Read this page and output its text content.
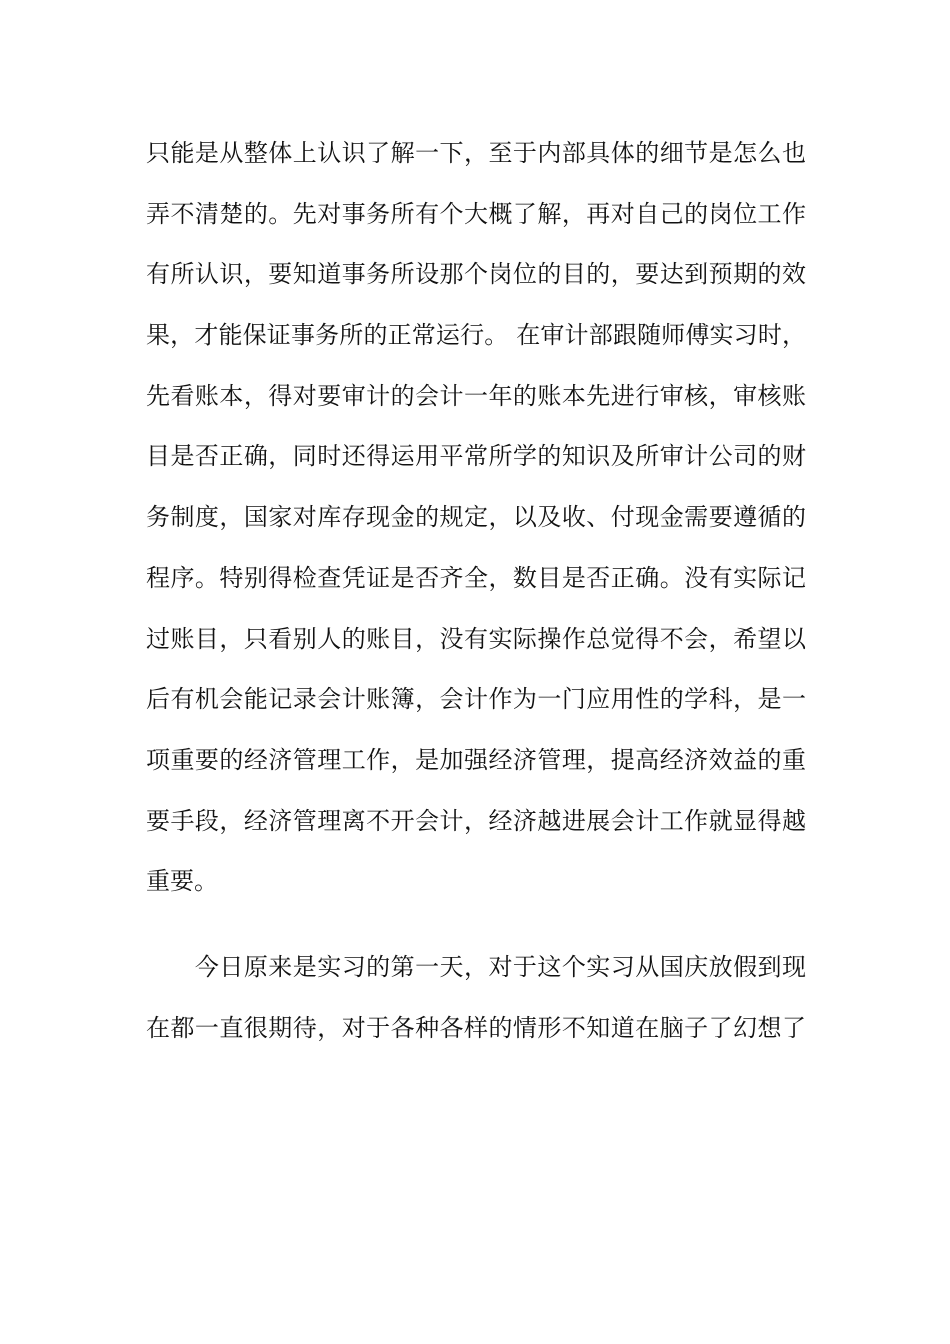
只能是从整体上认识了解一下，至于内部具体的细节是怎么也
弄不清楚的。先对事务所有个大概了解，再对自己的岗位工作
有所认识，要知道事务所设那个岗位的目的，要达到预期的效
果，才能保证事务所的正常运行。 在审计部跟随师傅实习时，
先看账本，得对要审计的会计一年的账本先进行审核，审核账
目是否正确，同时还得运用平常所学的知识及所审计公司的财
务制度，国家对库存现金的规定，以及收、付现金需要遵循的
程序。特别得检查凭证是否齐全，数目是否正确。没有实际记
过账目，只看别人的账目，没有实际操作总觉得不会，希望以
后有机会能记录会计账簿，会计作为一门应用性的学科，是一
项重要的经济管理工作，是加强经济管理，提高经济效益的重
要手段，经济管理离不开会计，经济越进展会计工作就显得越
重要。
　　今日原来是实习的第一天，对于这个实习从国庆放假到现
在都一直很期待，对于各种各样的情形不知道在脑子了幻想了
